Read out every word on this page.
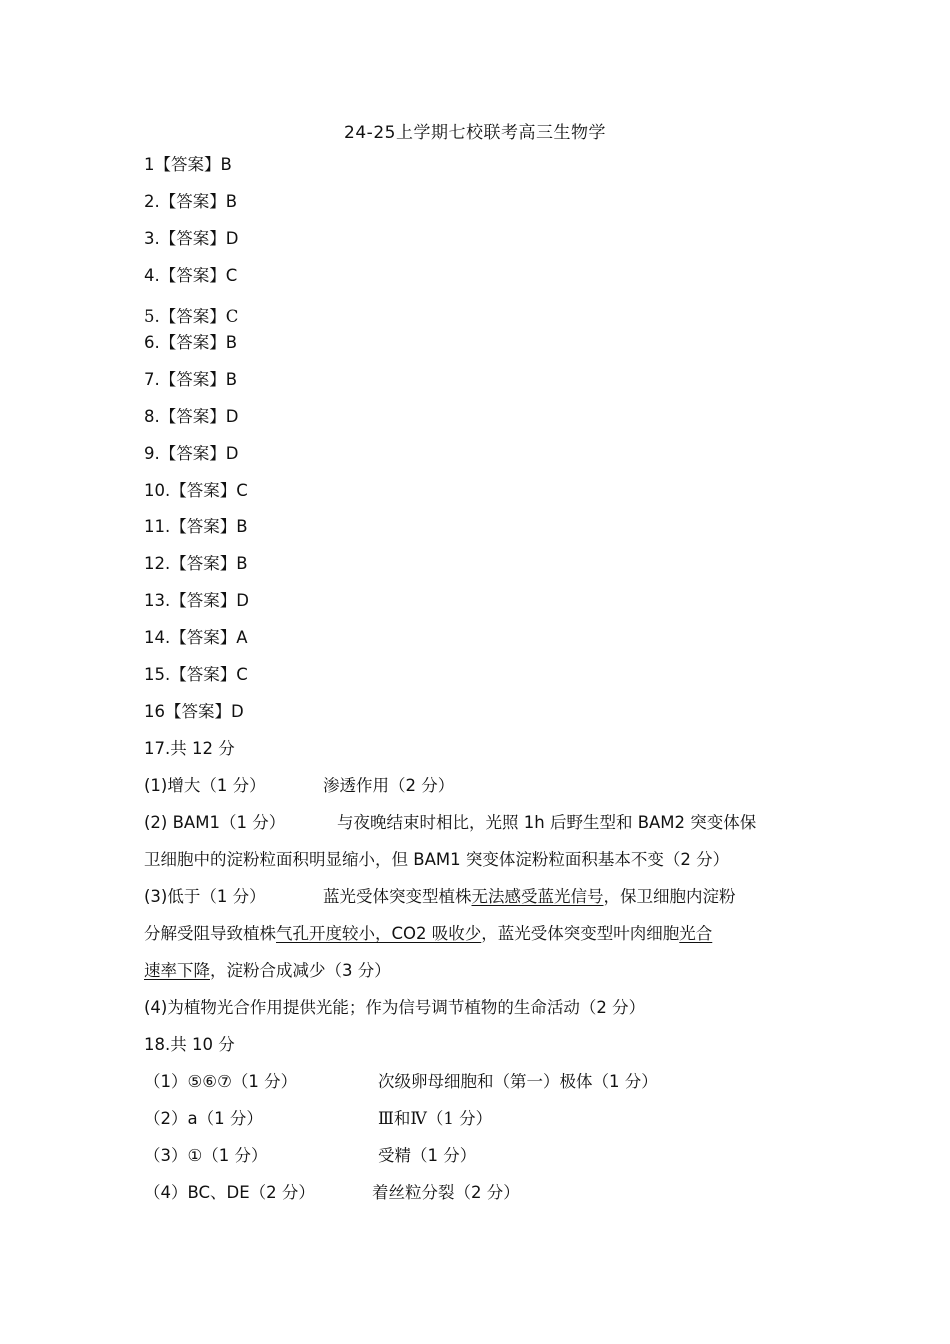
24-25上学期七校联考高三生物学
1【答案】B
2.【答案】B
3.【答案】D
4.【答案】C
5.【答案】C
6.【答案】B
7.【答案】B
8.【答案】D
9.【答案】D
10.【答案】C
11.【答案】B
12.【答案】B
13.【答案】D
14.【答案】A
15.【答案】C
16【答案】D
17.共 12 分
(1)增大（1 分）	渗透作用（2 分）
(2) BAM1（1 分）	与夜晚结束时相比，光照 1h 后野生型和 BAM2 突变体保
卫细胞中的淀粉粒面积明显缩小，但 BAM1 突变体淀粉粒面积基本不变（2 分）
(3)低于（1 分）	蓝光受体突变型植株无法感受蓝光信号，保卫细胞内淀粉
分解受阻导致植株气孔开度较小，CO2 吸收少，蓝光受体突变型叶肉细胞光合
速率下降，淀粉合成减少（3 分）
(4)为植物光合作用提供光能；作为信号调节植物的生命活动（2 分）
18.共 10 分
（1）⑤⑥⑦（1 分）	次级卵母细胞和（第一）极体（1 分）
（2）a（1 分）	Ⅲ和Ⅳ（1 分）
（3）①（1 分）	受精（1 分）
（4）BC、DE（2 分）	着丝粒分裂（2 分）
